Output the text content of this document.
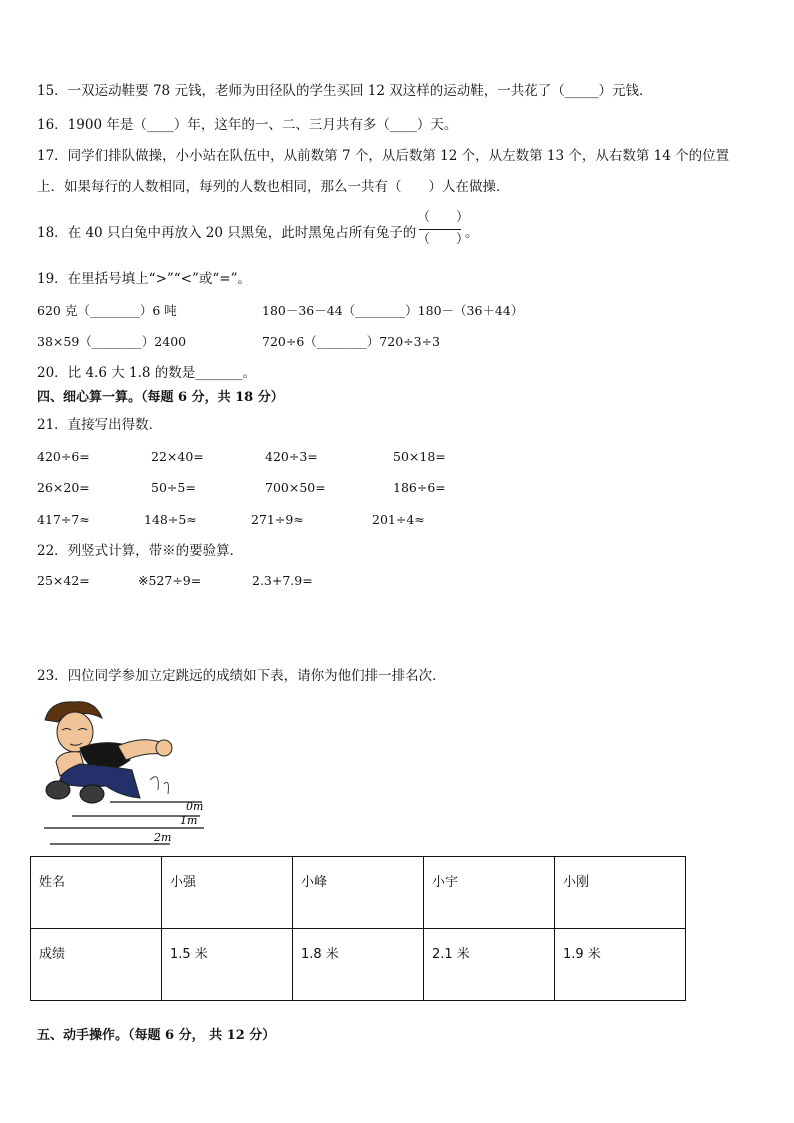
15．一双运动鞋要 78 元钱，老师为田径队的学生买回 12 双这样的运动鞋，一共花了（_____）元钱．
16．1900 年是（____）年，这年的一、二、三月共有多（____）天。
17．同学们排队做操，小小站在队伍中，从前数第 7 个，从后数第 12 个，从左数第 13 个，从右数第 14 个的位置
上．如果每行的人数相同，每列的人数也相同，那么一共有（　　）人在做操．
18．在 40 只白兔中再放入 20 只黑兔，此时黑兔占所有兔子的
（　　）
（　　）
。
19．在里括号填上“>”“<”或“=”。
620 克（________）6 吨	180－36－44（________）180－（36＋44）
38×59（________）2400	720÷6（________）720÷3÷3
20．比 4.6 大 1.8 的数是_______。
四、细心算一算。（每题 6 分，共 18 分）
21．直接写出得数．
420÷6=	22×40=	420÷3=	50×18=
26×20=	50÷5=	700×50=	186÷6=
417÷7≈	148÷5≈	271÷9≈	201÷4≈
22．列竖式计算，带※的要验算．
25×42=	※527÷9=	2.3+7.9=
23．四位同学参加立定跳远的成绩如下表，请你为他们排一排名次．
0m
1m
2m
姓名	小强	小峰	小宇	小刚
成绩	1.5 米	1.8 米	2.1 米	1.9 米
五、动手操作。（每题 6 分， 共 12 分）
